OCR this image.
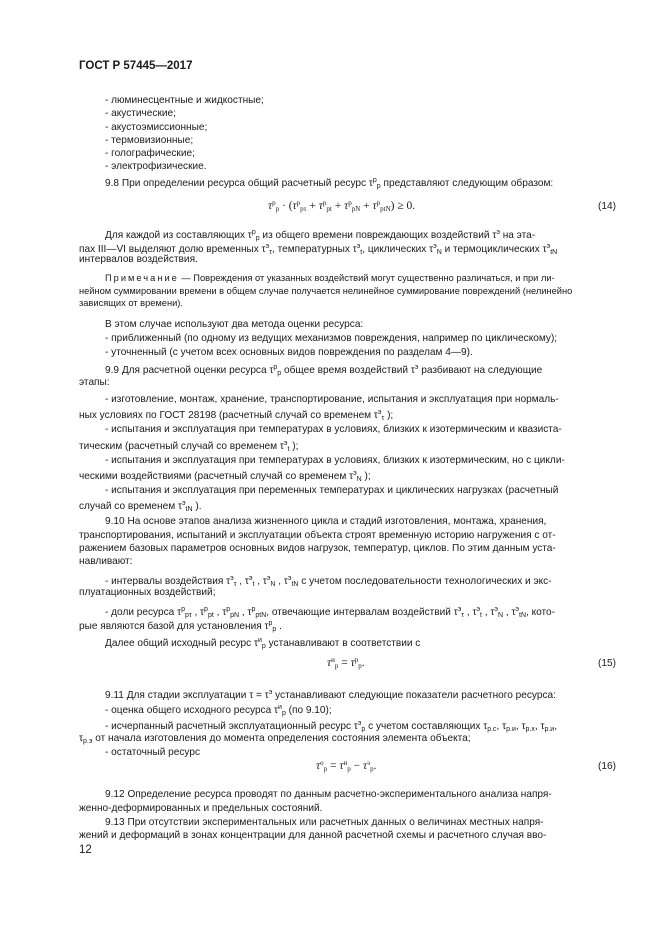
ГОСТ Р 57445—2017
- люминесцентные и жидкостные;
- акустические;
- акустоэмиссионные;
- термовизионные;
- голографические;
- электрофизические.
9.8 При определении ресурса общий расчетный ресурс $\tau^р_р$ представляют следующим образом:
$\tau^р_р \cdot (\tau^р_{р\tau} + \tau^р_{рt} + \tau^р_{рN} + \tau^р_{рtN}) \ge 0$.	(14)
Для каждой из составляющих $\tau^р_р$ из общего времени повреждающих воздействий $\tau^э$ на эта-
пах III—VI выделяют долю временных $\tau^э_\tau$, температурных $\tau^э_t$, циклических $\tau^э_N$ и термоциклических $\tau^э_{tN}$
интервалов воздействия.
Примечание — Повреждения от указанных воздействий могут существенно различаться, и при ли-
нейном суммировании времени в общем случае получается нелинейное суммирование повреждений (нелинейно
зависящих от времени).
В этом случае используют два метода оценки ресурса:
- приближенный (по одному из ведущих механизмов повреждения, например по циклическому);
- уточненный (с учетом всех основных видов повреждения по разделам 4—9).
9.9 Для расчетной оценки ресурса $\tau^р_р$ общее время воздействий $\tau^э$ разбивают на следующие
этапы:
- изготовление, монтаж, хранение, транспортирование, испытания и эксплуатация при нормаль-
ных условиях по ГОСТ 28198 (расчетный случай со временем $\tau^э_\tau$ );
- испытания и эксплуатация при температурах в условиях, близких к изотермическим и квазиста-
тическим (расчетный случай со временем $\tau^э_t$ );
- испытания и эксплуатация при температурах в условиях, близких к изотермическим, но с цикли-
ческими воздействиями (расчетный случай со временем $\tau^э_N$ );
- испытания и эксплуатация при переменных температурах и циклических нагрузках (расчетный
случай со временем $\tau^э_{tN}$ ).
9.10 На основе этапов анализа жизненного цикла и стадий изготовления, монтажа, хранения,
транспортирования, испытаний и эксплуатации объекта строят временную историю нагружения с от-
ражением базовых параметров основных видов нагрузок, температур, циклов. По этим данным уста-
навливают:
- интервалы воздействия $\tau^э_\tau$ , $\tau^э_t$ , $\tau^э_N$ , $\tau^э_{tN}$ с учетом последовательности технологических и экс-
плуатационных воздействий;
- доли ресурса $\tau^р_{р\tau}$ , $\tau^р_{рt}$ , $\tau^р_{рN}$ , $\tau^р_{рtN}$, отвечающие интервалам воздействий $\tau^э_\tau$ , $\tau^э_t$ , $\tau^э_N$ , $\tau^э_{tN}$, кото-
рые являются базой для установления $\tau^р_р$ .
Далее общий исходный ресурс $\tau^и_р$ устанавливают в соответствии с
$\tau^и_р = \tau^р_р$.	(15)
9.11 Для стадии эксплуатации $\tau = \tau^э$ устанавливают следующие показатели расчетного ресурса:
- оценка общего исходного ресурса $\tau^и_р$ (по 9.10);
- исчерпанный расчетный эксплуатационный ресурс $\tau^э_р$ с учетом составляющих $\tau_{р.с}$, $\tau_{р.и}$, $\tau_{р.х}$, $\tau_{р.и}$,
$\tau_{р.э}$ от начала изготовления до момента определения состояния элемента объекта;
- остаточный ресурс
$\tau^о_р = \tau^и_р - \tau^э_р$.	(16)
9.12 Определение ресурса проводят по данным расчетно-экспериментального анализа напря-
женно-деформированных и предельных состояний.
9.13 При отсутствии экспериментальных или расчетных данных о величинах местных напря-
жений и деформаций в зонах концентрации для данной расчетной схемы и расчетного случая вво-
12
